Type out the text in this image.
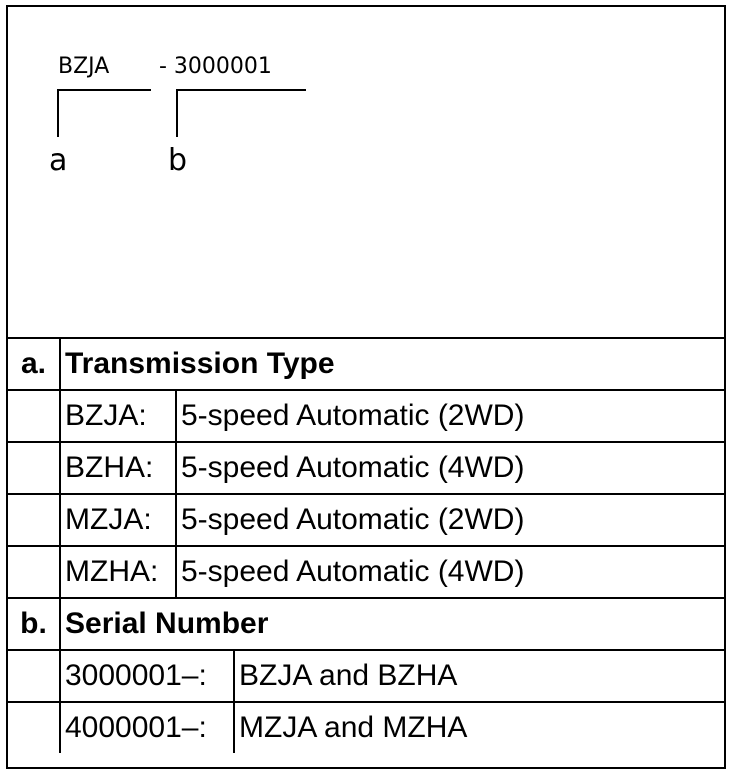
BZJA - 3000001
a	b
a.	Transmission Type

BZJA: 5-speed Automatic (2WD)

BZHA: 5-speed Automatic (4WD)

MZJA: 5-speed Automatic (2WD)

MZHA: 5-speed Automatic (4WD)

b.	Serial Number

3000001–: BZJA and BZHA

4000001–: MZJA and MZHA
